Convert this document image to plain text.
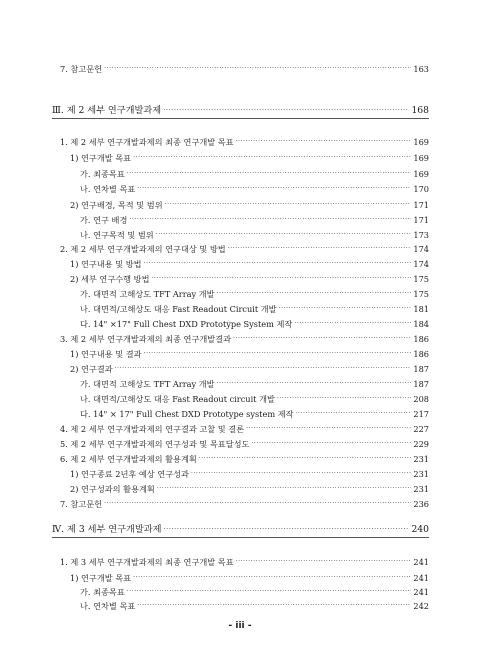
7. 참고문헌 .....	163
Ⅲ. 제 2 세부 연구개발과제 .....	168
1. 제 2 세부 연구개발과제의 최종 연구개발 목표 .....	169
1) 연구개발 목표 .....	169
가. 최종목표 .....	169
나. 연차별 목표 .....	170
2) 연구배경, 목적 및 범위 .....	171
가. 연구 배경 .....	171
나. 연구목적 및 범위 .....	173
2. 제 2 세부 연구개발과제의 연구대상 및 방법 .....	174
1) 연구내용 및 방법 .....	174
2) 세부 연구수행 방법 .....	175
가. 대면적 고해상도 TFT Array 개발 .....	175
나. 대면적/고해상도 대응 Fast Readout Circuit 개발 .....	181
다. 14" ×17" Full Chest DXD Prototype System 제작 .....	184
3. 제 2 세부 연구개발과제의 최종 연구개발결과 .....	186
1) 연구내용 및 결과 .....	186
2) 연구결과 .....	187
가. 대면적 고해상도 TFT Array 개발 .....	187
나. 대면적/고해상도 대응 Fast Readout circuit 개발 .....	208
다. 14" × 17" Full Chest DXD Prototype system 제작 .....	217
4. 제 2 세부 연구개발과제의 연구결과 고찰 및 결론 .....	227
5. 제 2 세부 연구개발과제의 연구성과 및 목표달성도 .....	229
6. 제 2 세부 연구개발과제의 활용계획 .....	231
1) 연구종료 2년후 예상 연구성과 .....	231
2) 연구성과의 활용계획 .....	231
7. 참고문헌 .....	236
Ⅳ. 제 3 세부 연구개발과제 .....	240
1. 제 3 세부 연구개발과제의 최종 연구개발 목표 .....	241
1) 연구개발 목표 .....	241
가. 최종목표 .....	241
나. 연차별 목표 .....	242
- iii -
